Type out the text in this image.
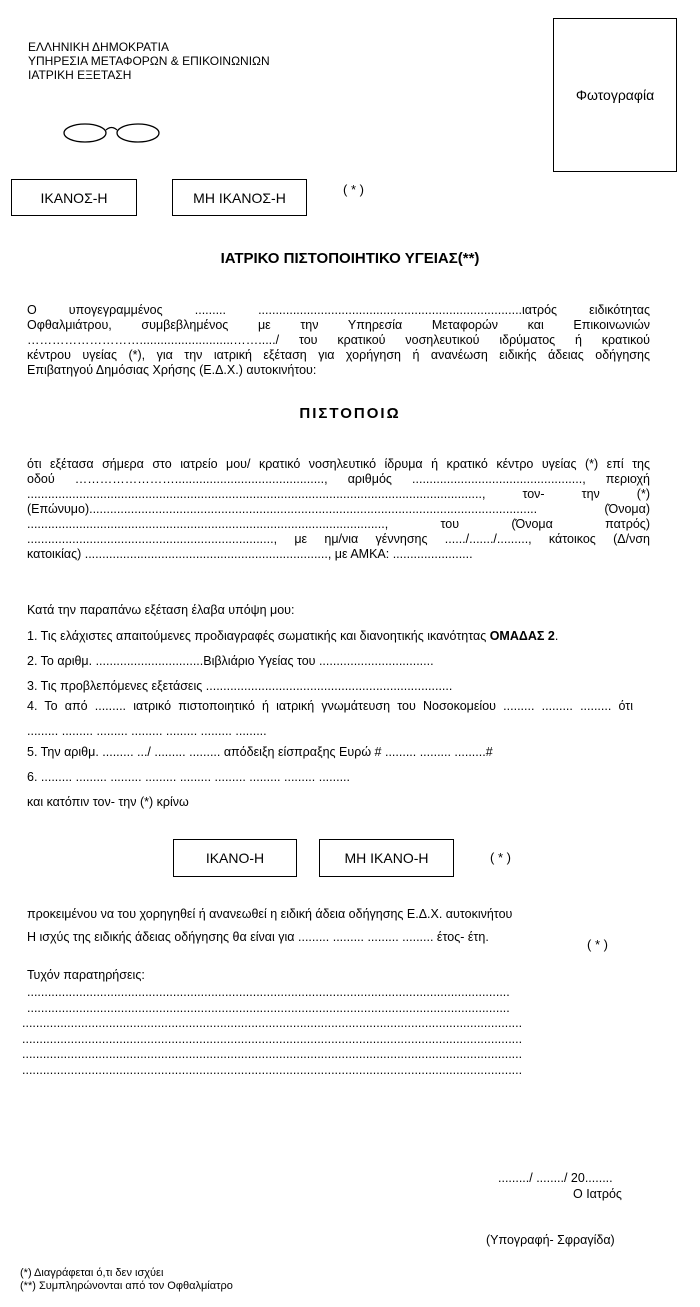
ΕΛΛΗΝΙΚΗ ΔΗΜΟΚΡΑΤΙΑ
ΥΠΗΡΕΣΙΑ ΜΕΤΑΦΟΡΩΝ & ΕΠΙΚΟΙΝΩΝΙΩΝ
ΙΑΤΡΙΚΗ ΕΞΕΤΑΣΗ
Φωτογραφία
ΙΚΑΝΟΣ-Η	ΜΗ ΙΚΑΝΟΣ-Η	( * )
ΙΑΤΡΙΚΟ ΠΙΣΤΟΠΟΙΗΤΙΚΟ ΥΓΕΙΑΣ(**)
Ο υπογεγραμμένος ......... ............................................................................ιατρός ειδικότητας
Οφθαλμιάτρου, συμβεβλημένος με την Υπηρεσία Μεταφορών και Επικοινωνιών
………………………...........................……...../ του κρατικού νοσηλευτικού ιδρύματος ή κρατικού
κέντρου υγείας (*), για την ιατρική εξέταση για χορήγηση ή ανανέωση ειδικής άδειας οδήγησης
Επιβατηγού Δημόσιας Χρήσης (Ε.Δ.Χ.) αυτοκινήτου:
ΠΙΣΤΟΠΟΙΩ
ότι εξέτασα σήμερα στο ιατρείο μου/ κρατικό νοσηλευτικό ίδρυμα ή κρατικό κέντρο υγείας (*) επί της
οδού ……………………..........................................., αριθμός ................................................., περιοχή
..................................................................................................................................., τον- την (*)
(Επώνυμο)................................................................................................................................. (Όνομα)
......................................................................................................., του (Όνομα πατρός)
......................................................................., με ημ/νια γέννησης ....../......./........., κάτοικος (Δ/νση
κατοικίας) ......................................................................, με ΑΜΚΑ: .......................
Κατά την παραπάνω εξέταση έλαβα υπόψη μου:
1. Τις ελάχιστες απαιτούμενες προδιαγραφές σωματικής και διανοητικής ικανότητας ΟΜΑΔΑΣ 2.
2. Το αριθμ. ...............................Βιβλιάριο Υγείας του .................................
3. Τις προβλεπόμενες εξετάσεις .......................................................................
4. Το από ......... ιατρικό πιστοποιητικό ή ιατρική γνωμάτευση του Νοσοκομείου ......... ......... ......... ότι
......... ......... ......... ......... ......... ......... .........
5. Την αριθμ. ......... .../ ......... ......... απόδειξη είσπραξης Ευρώ # ......... ......... .........#
6. ......... ......... ......... ......... ......... ......... ......... ......... .........
και κατόπιν τον- την (*) κρίνω
ΙΚΑΝΟ-Η	ΜΗ ΙΚΑΝΟ-Η	( * )
προκειμένου να του χορηγηθεί ή ανανεωθεί η ειδική άδεια οδήγησης Ε.Δ.Χ. αυτοκινήτου
Η ισχύς της ειδικής άδειας οδήγησης θα είναι για ......... ......... ......... ......... έτος- έτη.	( * )
Τυχόν παρατηρήσεις:
...........................................................................................................................................
...........................................................................................................................................
................................................................................................................................................
................................................................................................................................................
................................................................................................................................................
................................................................................................................................................
........./ ......../ 20........
Ο Ιατρός
(Υπογραφή- Σφραγίδα)
(*) Διαγράφεται ό,τι δεν ισχύει
(**) Συμπληρώνονται από τον Οφθαλμίατρο
